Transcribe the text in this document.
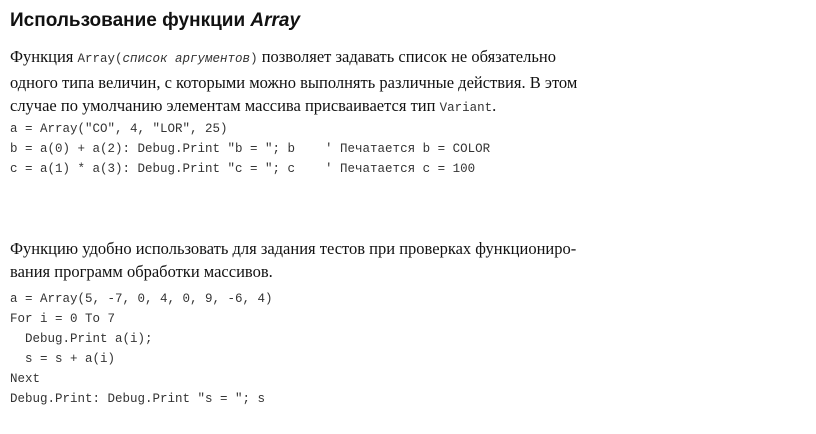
Использование функции Array

Функция Array(список аргументов) позволяет задавать список не обязательно
одного типа величин, с которыми можно выполнять различные действия. В этом
случае по умолчанию элементам массива присваивается тип Variant.

a = Array("CO", 4, "LOR", 25)
b = a(0) + a(2): Debug.Print "b = "; b    ' Печатается b = COLOR
c = a(1) * a(3): Debug.Print "c = "; c    ' Печатается c = 100

Функцию удобно использовать для задания тестов при проверках функциониро-
вания программ обработки массивов.

a = Array(5, -7, 0, 4, 0, 9, -6, 4)
For i = 0 To 7
Debug.Print a(i);
s = s + a(i)
Next
Debug.Print: Debug.Print "s = "; s
